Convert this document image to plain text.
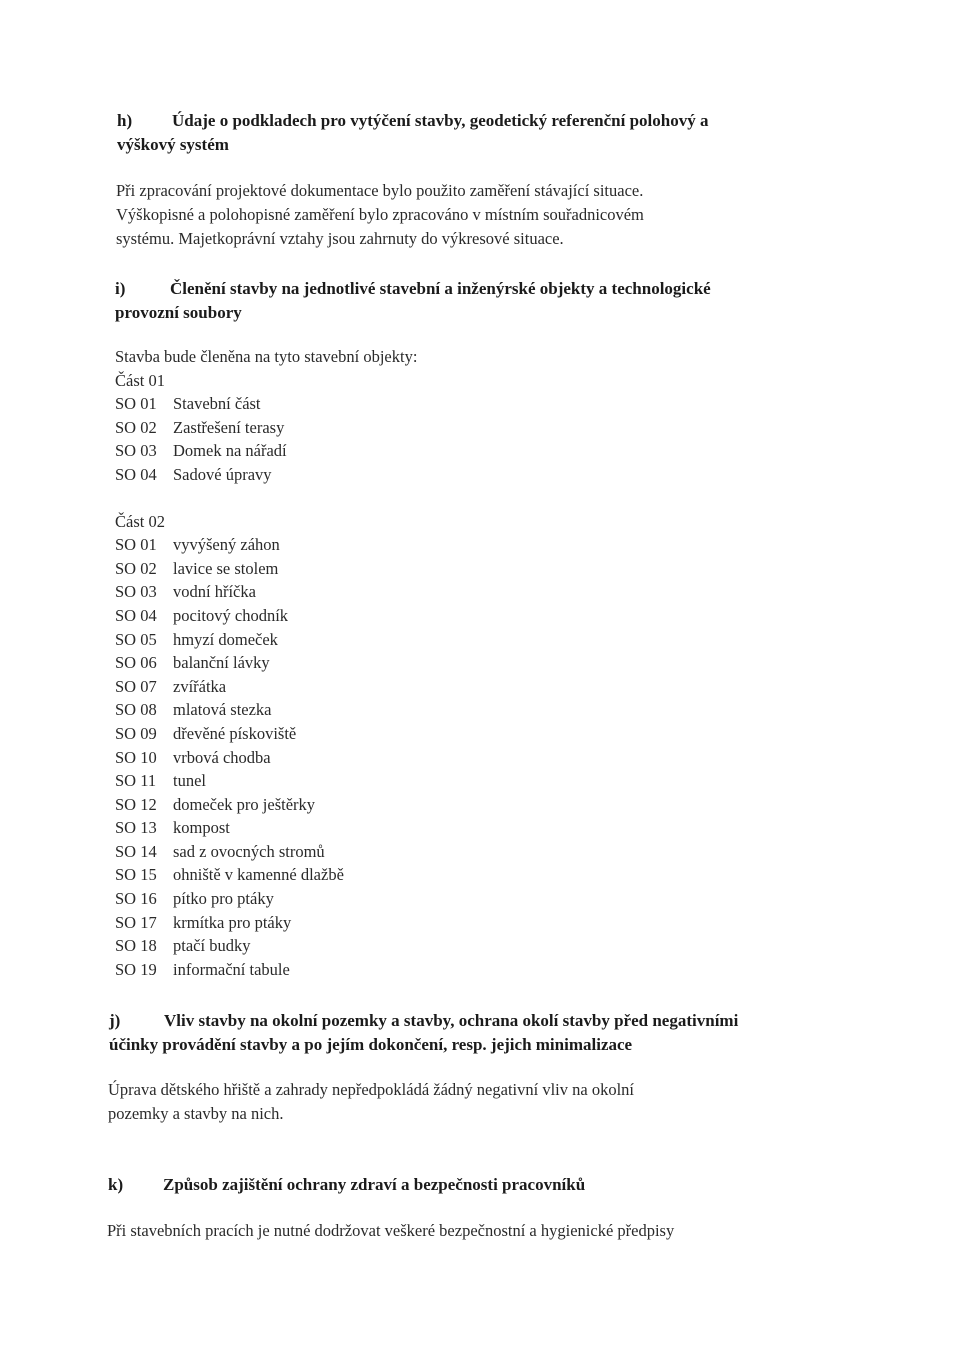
h)	Údaje o podkladech pro vytýčení stavby, geodetický referenční polohový a výškový systém
Při zpracování projektové dokumentace bylo použito zaměření stávající situace.
Výškopisné a polohopisné zaměření bylo zpracováno v místním souřadnicovém
systému. Majetkoprávní vztahy jsou zahrnuty do výkresové situace.
i)	Členění stavby na jednotlivé stavební a inženýrské objekty a technologické provozní soubory
Stavba bude členěna na tyto stavební objekty:
Část 01
SO 01 Stavební část
SO 02 Zastřešení terasy
SO 03 Domek na nářadí
SO 04 Sadové úpravy
Část 02
SO 01 vyvýšený záhon
SO 02 lavice se stolem
SO 03 vodní hříčka
SO 04 pocitový chodník
SO 05 hmyzí domeček
SO 06 balanční lávky
SO 07 zvířátka
SO 08 mlatová stezka
SO 09 dřevěné pískoviště
SO 10 vrbová chodba
SO 11 tunel
SO 12 domeček pro ještěrky
SO 13 kompost
SO 14 sad z ovocných stromů
SO 15 ohniště v kamenné dlažbě
SO 16 pítko pro ptáky
SO 17 krmítka pro ptáky
SO 18 ptačí budky
SO 19 informační tabule
j)	Vliv stavby na okolní pozemky a stavby, ochrana okolí stavby před negativními účinky provádění stavby a po jejím dokončení, resp. jejich minimalizace
Úprava dětského hřiště a zahrady nepředpokládá žádný negativní vliv na okolní
pozemky a stavby na nich.
k)	Způsob zajištění ochrany zdraví a bezpečnosti pracovníků
Při stavebních pracích je nutné dodržovat veškeré bezpečnostní a hygienické předpisy
